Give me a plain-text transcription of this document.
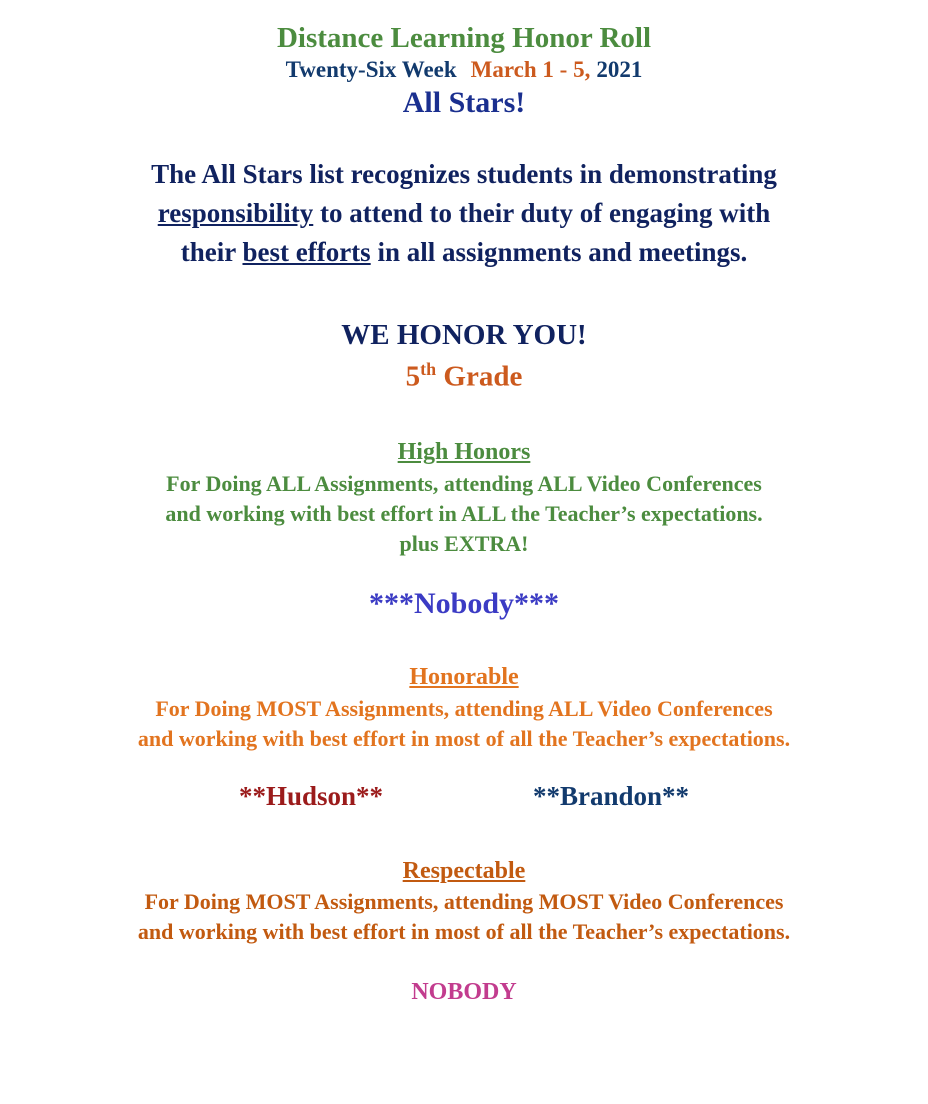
Distance Learning Honor Roll
Twenty-Six Week March 1 - 5, 2021
All Stars!
The All Stars list recognizes students in demonstrating
responsibility to attend to their duty of engaging with
their best efforts in all assignments and meetings.
WE HONOR YOU!
5th Grade
High Honors
For Doing ALL Assignments, attending ALL Video Conferences
and working with best effort in ALL the Teacher’s expectations.
plus EXTRA!
***Nobody***
Honorable
For Doing MOST Assignments, attending ALL Video Conferences
and working with best effort in most of all the Teacher’s expectations.
**Hudson**	**Brandon**
Respectable
For Doing MOST Assignments, attending MOST Video Conferences
and working with best effort in most of all the Teacher’s expectations.
NOBODY
